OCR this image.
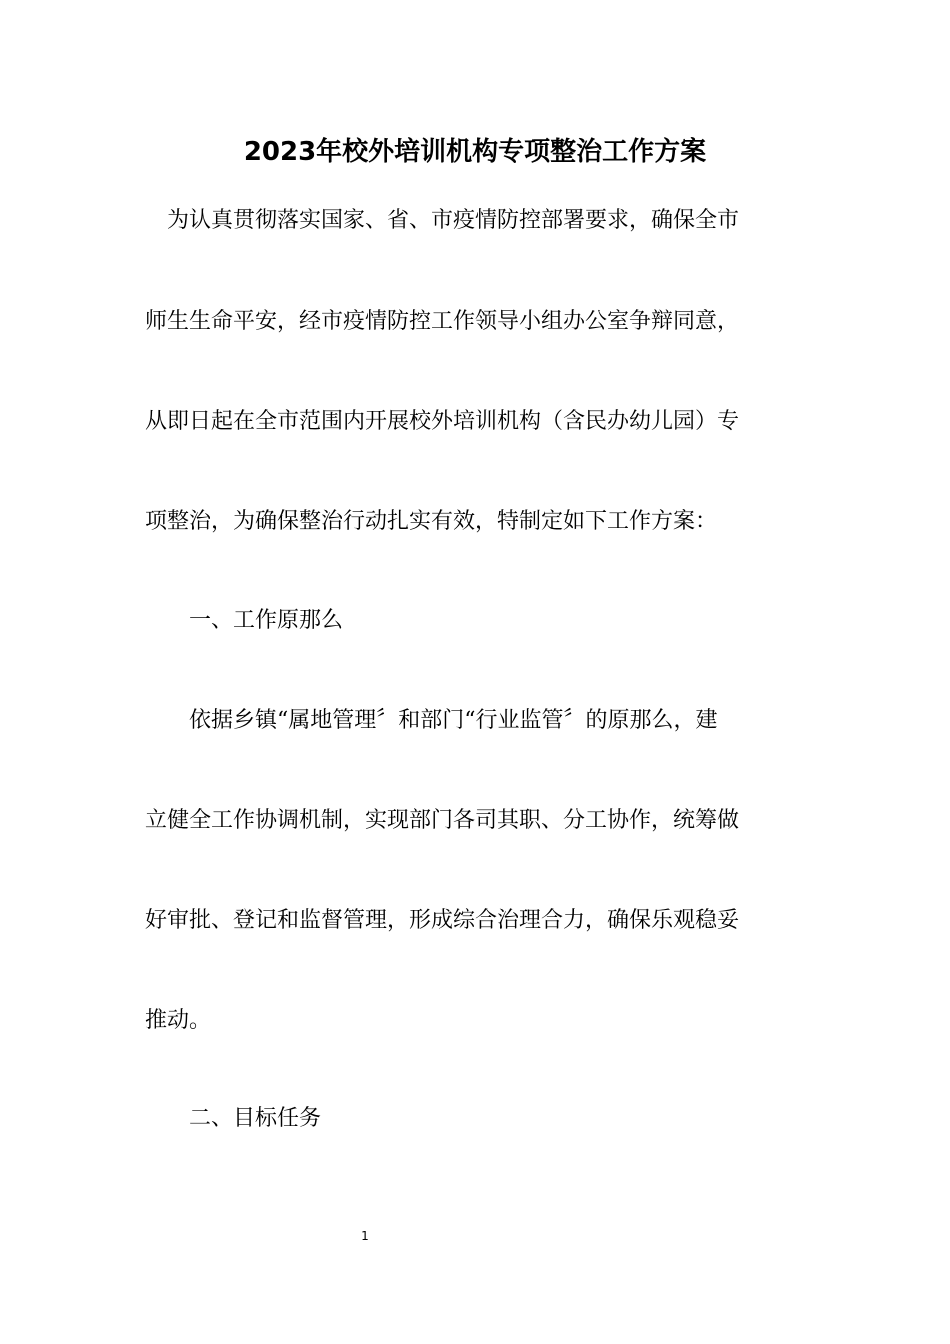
2023年校外培训机构专项整治工作方案

　为认真贯彻落实国家、省、市疫情防控部署要求，确保全市

师生生命平安，经市疫情防控工作领导小组办公室争辩同意，

从即日起在全市范围内开展校外培训机构（含民办幼儿园）专

项整治，为确保整治行动扎实有效，特制定如下工作方案：

　　一、工作原那么

　　依据乡镇“属地管理〞和部门“行业监管〞的原那么，建

立健全工作协调机制，实现部门各司其职、分工协作，统筹做

好审批、登记和监督管理，形成综合治理合力，确保乐观稳妥

推动。

　　二、目标任务

1
